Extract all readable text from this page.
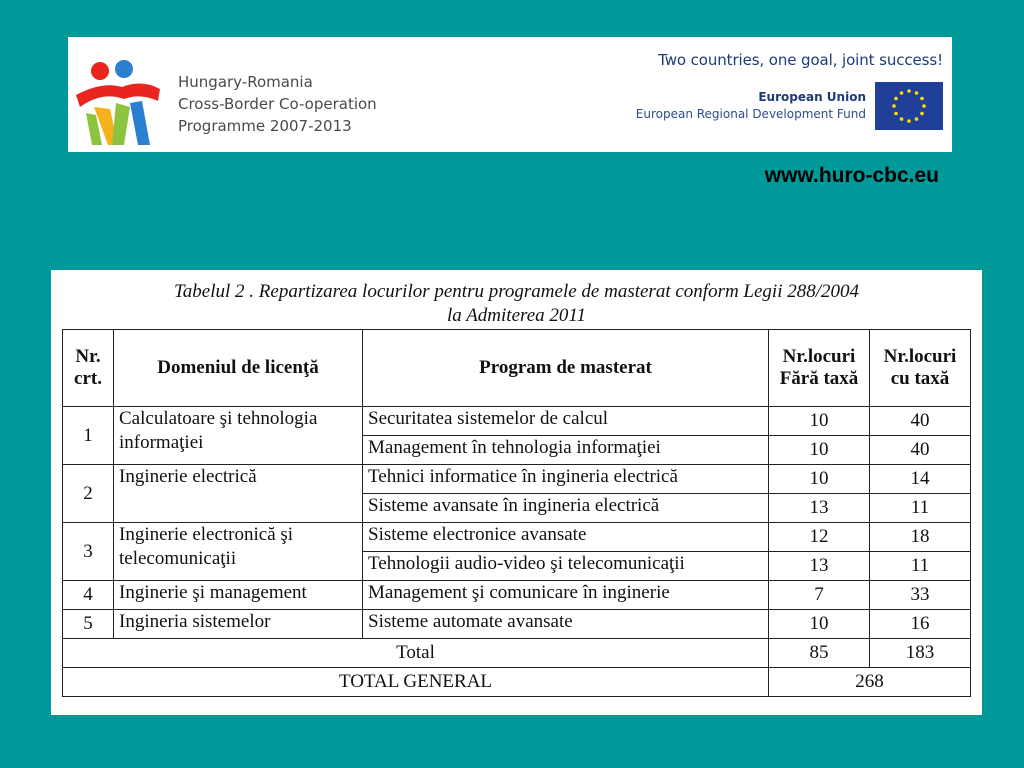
Hungary-Romania
Cross-Border Co-operation
Programme 2007-2013
Two countries, one goal, joint success!
European Union
European Regional Development Fund
www.huro-cbc.eu
Tabelul 2 . Repartizarea locurilor pentru programele de masterat conform Legii 288/2004
la Admiterea 2011
Nr. crt.	Domeniul de licenţă	Program de masterat	Nr.locuri Fără taxă	Nr.locuri cu taxă
1	Calculatoare şi tehnologia informaţiei	Securitatea sistemelor de calcul	10	40
		Management în tehnologia informaţiei	10	40
2	Inginerie electrică	Tehnici informatice în ingineria electrică	10	14
		Sisteme avansate în ingineria electrică	13	11
3	Inginerie electronică şi telecomunicaţii	Sisteme electronice avansate	12	18
		Tehnologii audio-video şi telecomunicaţii	13	11
4	Inginerie şi management	Management şi comunicare în inginerie	7	33
5	Ingineria sistemelor	Sisteme automate avansate	10	16
Total			85	183
TOTAL GENERAL			268	
